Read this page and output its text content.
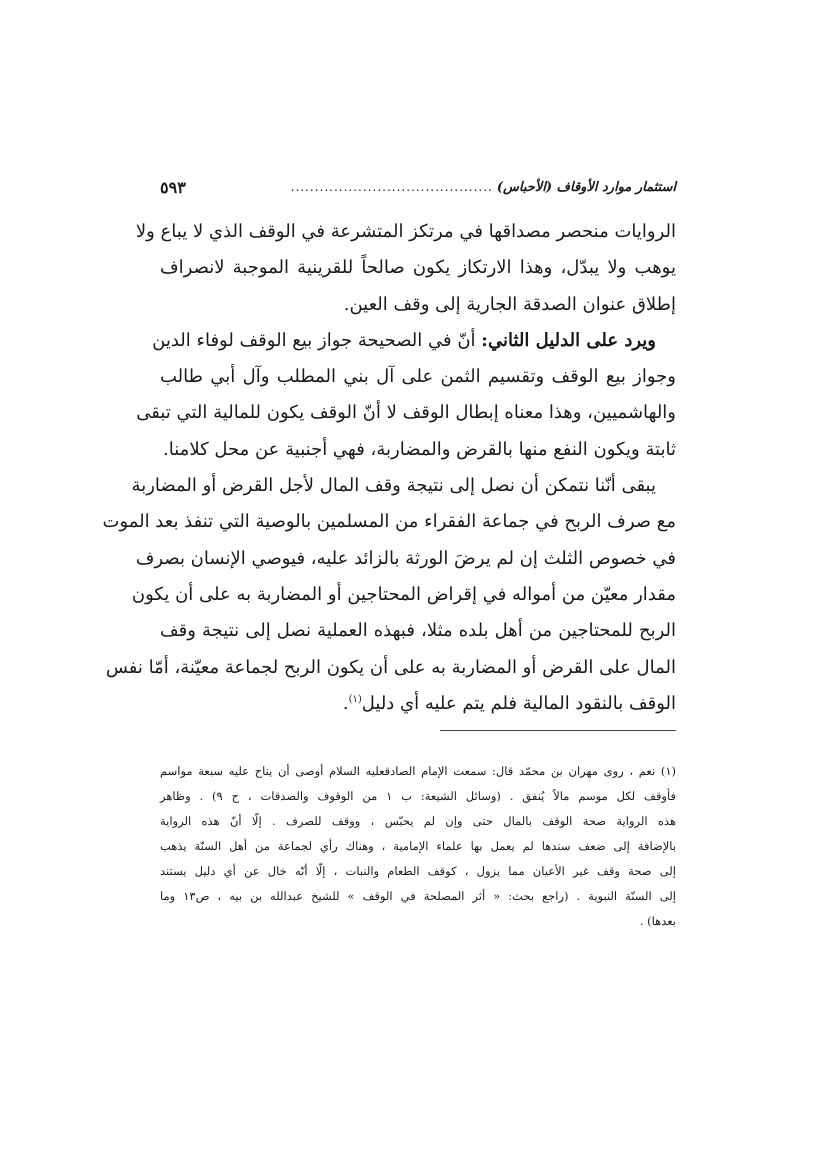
استثمار موارد الأوقاف (الأحباس)
..........................................
٥٩٣
الروايات منحصر مصداقها في مرتكز المتشرعة في الوقف الذي لا يباع ولا
يوهب ولا يبدّل، وهذا الارتكاز يكون صالحاً للقرينية الموجبة لانصراف
إطلاق عنوان الصدقة الجارية إلى وقف العين.
ويرد على الدليل الثاني: أنّ في الصحيحة جواز بيع الوقف لوفاء الدين
وجواز بيع الوقف وتقسيم الثمن على آل بني المطلب وآل أبي طالب
والهاشميين، وهذا معناه إبطال الوقف لا أنّ الوقف يكون للمالية التي تبقى
ثابتة ويكون النفع منها بالقرض والمضاربة، فهي أجنبية عن محل كلامنا.
يبقى أنّنا نتمكن أن نصل إلى نتيجة وقف المال لأجل القرض أو المضاربة
مع صرف الربح في جماعة الفقراء من المسلمين بالوصية التي تنفذ بعد الموت
في خصوص الثلث إن لم يرضَ الورثة بالزائد عليه، فيوصي الإنسان بصرف
مقدار معيّن من أمواله في إقراض المحتاجين أو المضاربة به على أن يكون
الربح للمحتاجين من أهل بلده مثلا، فبهذه العملية نصل إلى نتيجة وقف
المال على القرض أو المضاربة به على أن يكون الربح لجماعة معيّنة، أمّا نفس
الوقف بالنقود المالية فلم يتم عليه أي دليل$^{(١)}$.
(١) نعم ، روى مهران بن محمّد قال: سمعت الإمام الصادقعليه السلام أوصى أن يناح عليه سبعة مواسم
فأوقف لكل موسم مالاً يُنفق . (وسائل الشيعة: ب ١ من الوقوف والصدقات ، ح ٩) . وظاهر
هذه الرواية صحة الوقف بالمال حتى وإن لم يحبّس ، ووقف للصرف . إلّا أنّ هذه الرواية
بالإضافة إلى ضعف سندها لم يعمل بها علماء الإمامية ، وهناك رأي لجماعة من أهل السنّة يذهب
إلى صحة وقف غير الأعيان مما يزول ، كوقف الطعام والنبات ، إلّا أنّه خال عن أي دليل يستند
إلى السنّة النبوية . (راجع بحث: « أثر المصلحة في الوقف » للشيخ عبدالله بن بيه ، ص١٣ وما
بعدها) .
